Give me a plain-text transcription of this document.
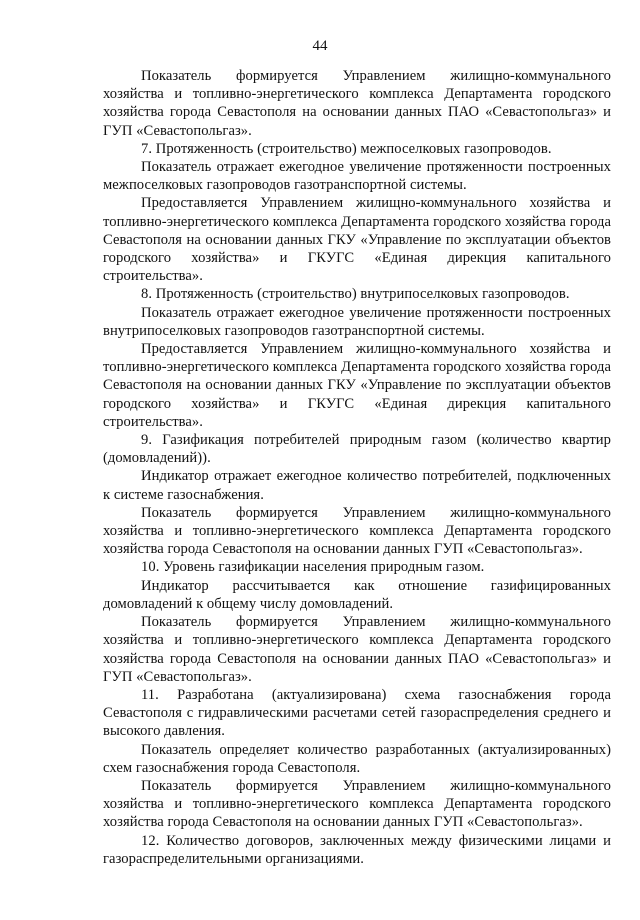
44

Показатель формируется Управлением жилищно-коммунального хозяйства и топливно-энергетического комплекса Департамента городского хозяйства города Севастополя на основании данных ПАО «Севастопольгаз» и ГУП «Севастопольгаз».

7. Протяженность (строительство) межпоселковых газопроводов.

Показатель отражает ежегодное увеличение протяженности построенных межпоселковых газопроводов газотранспортной системы.

Предоставляется Управлением жилищно-коммунального хозяйства и топливно-энергетического комплекса Департамента городского хозяйства города Севастополя на основании данных ГКУ «Управление по эксплуатации объектов городского хозяйства» и ГКУГС «Единая дирекция капитального строительства».

8. Протяженность (строительство) внутрипоселковых газопроводов.

Показатель отражает ежегодное увеличение протяженности построенных внутрипоселковых газопроводов газотранспортной системы.

Предоставляется Управлением жилищно-коммунального хозяйства и топливно-энергетического комплекса Департамента городского хозяйства города Севастополя на основании данных ГКУ «Управление по эксплуатации объектов городского хозяйства» и ГКУГС «Единая дирекция капитального строительства».

9. Газификация потребителей природным газом (количество квартир (домовладений)).

Индикатор отражает ежегодное количество потребителей, подключенных к системе газоснабжения.

Показатель формируется Управлением жилищно-коммунального хозяйства и топливно-энергетического комплекса Департамента городского хозяйства города Севастополя на основании данных ГУП «Севастопольгаз».

10. Уровень газификации населения природным газом.

Индикатор рассчитывается как отношение газифицированных домовладений к общему числу домовладений.

Показатель формируется Управлением жилищно-коммунального хозяйства и топливно-энергетического комплекса Департамента городского хозяйства города Севастополя на основании данных ПАО «Севастопольгаз» и ГУП «Севастопольгаз».

11. Разработана (актуализирована) схема газоснабжения города Севастополя с гидравлическими расчетами сетей газораспределения среднего и высокого давления.

Показатель определяет количество разработанных (актуализированных) схем газоснабжения города Севастополя.

Показатель формируется Управлением жилищно-коммунального хозяйства и топливно-энергетического комплекса Департамента городского хозяйства города Севастополя на основании данных ГУП «Севастопольгаз».

12. Количество договоров, заключенных между физическими лицами и газораспределительными организациями.
